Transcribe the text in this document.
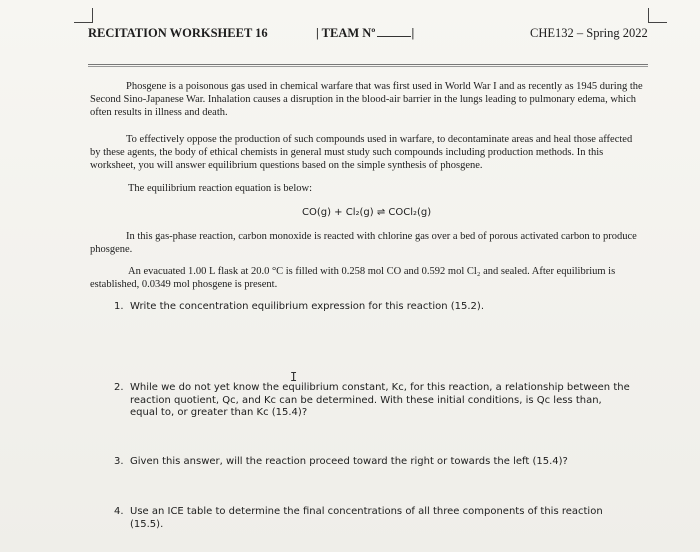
RECITATION WORKSHEET 16	| TEAM Nº	|	CHE132 – Spring 2022
Phosgene is a poisonous gas used in chemical warfare that was first used in World War I and as recently as 1945 during the Second Sino-Japanese War. Inhalation causes a disruption in the blood-air barrier in the lungs leading to pulmonary edema, which often results in illness and death.
To effectively oppose the production of such compounds used in warfare, to decontaminate areas and heal those affected by these agents, the body of ethical chemists in general must study such compounds including production methods. In this worksheet, you will answer equilibrium questions based on the simple synthesis of phosgene.
The equilibrium reaction equation is below:
CO(g) + Cl₂(g) ⇌ COCl₂(g)
In this gas-phase reaction, carbon monoxide is reacted with chlorine gas over a bed of porous activated carbon to produce phosgene.
An evacuated 1.00 L flask at 20.0 °C is filled with 0.258 mol CO and 0.592 mol Cl₂ and sealed. After equilibrium is established, 0.0349 mol phosgene is present.
1. Write the concentration equilibrium expression for this reaction (15.2).
I
2. While we do not yet know the equilibrium constant, Kc, for this reaction, a relationship between the reaction quotient, Qc, and Kc can be determined. With these initial conditions, is Qc less than, equal to, or greater than Kc (15.4)?
3. Given this answer, will the reaction proceed toward the right or towards the left (15.4)?
4. Use an ICE table to determine the final concentrations of all three components of this reaction (15.5).
